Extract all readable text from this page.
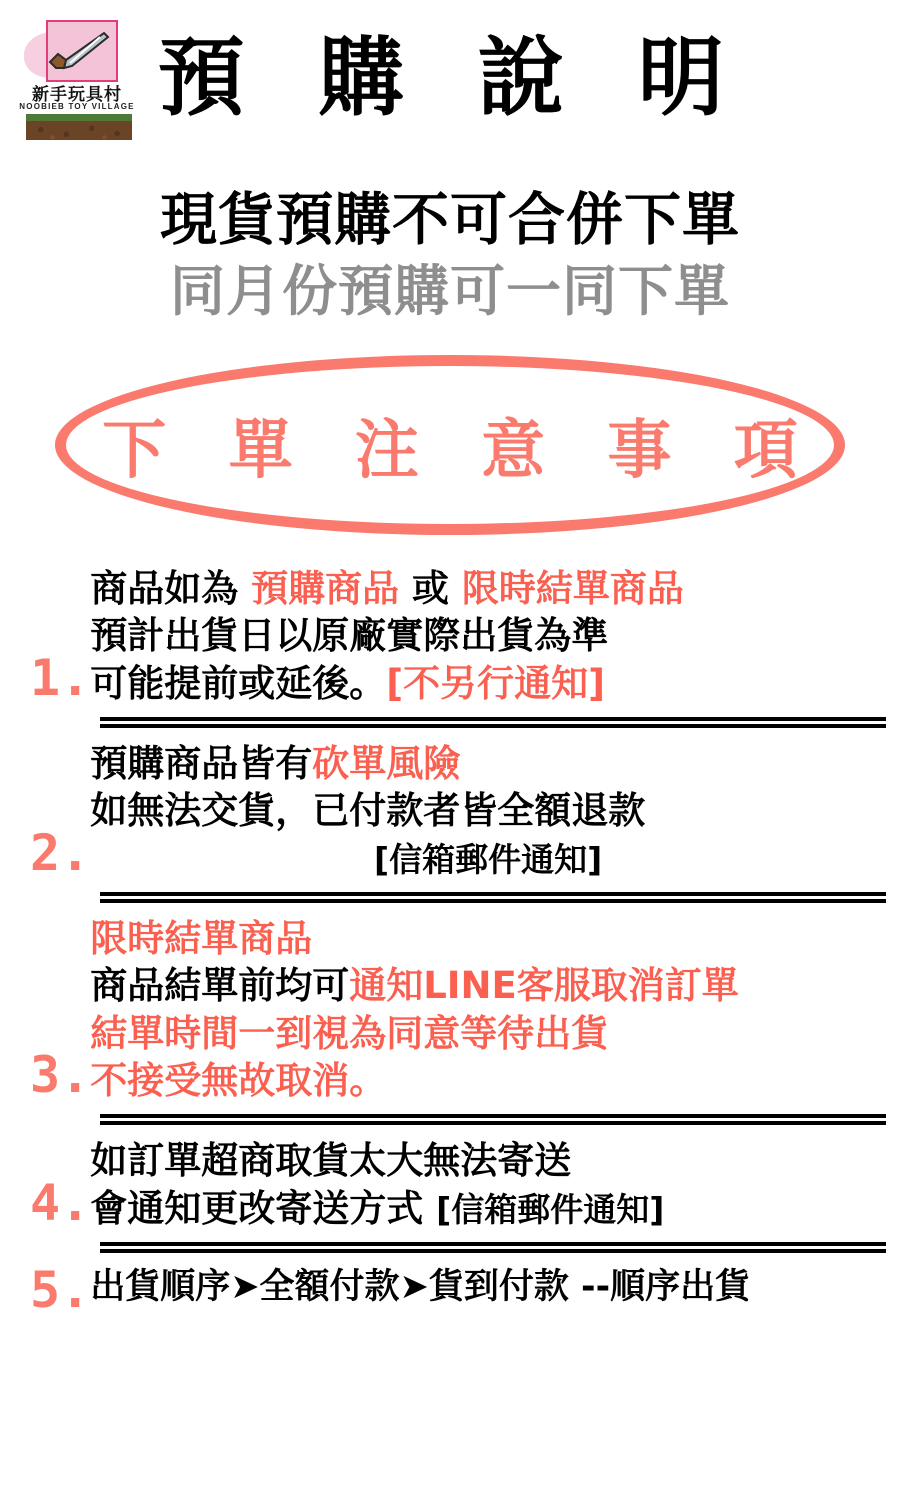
新手玩具村
NOOBIEB TOY VILLAGE 預 購 說 明
現貨預購不可合併下單
同月份預購可一同下單
下 單 注 意 事 項
1.
商品如為 預購商品 或 限時結單商品
預計出貨日以原廠實際出貨為準
可能提前或延後。[不另行通知]
2.
預購商品皆有砍單風險
如無法交貨，已付款者皆全額退款
[信箱郵件通知]
3.
限時結單商品
商品結單前均可通知LINE客服取消訂單
結單時間一到視為同意等待出貨
不接受無故取消。
4.
如訂單超商取貨太大無法寄送
會通知更改寄送方式 [信箱郵件通知]
5. 出貨順序➤全額付款➤貨到付款 --順序出貨
